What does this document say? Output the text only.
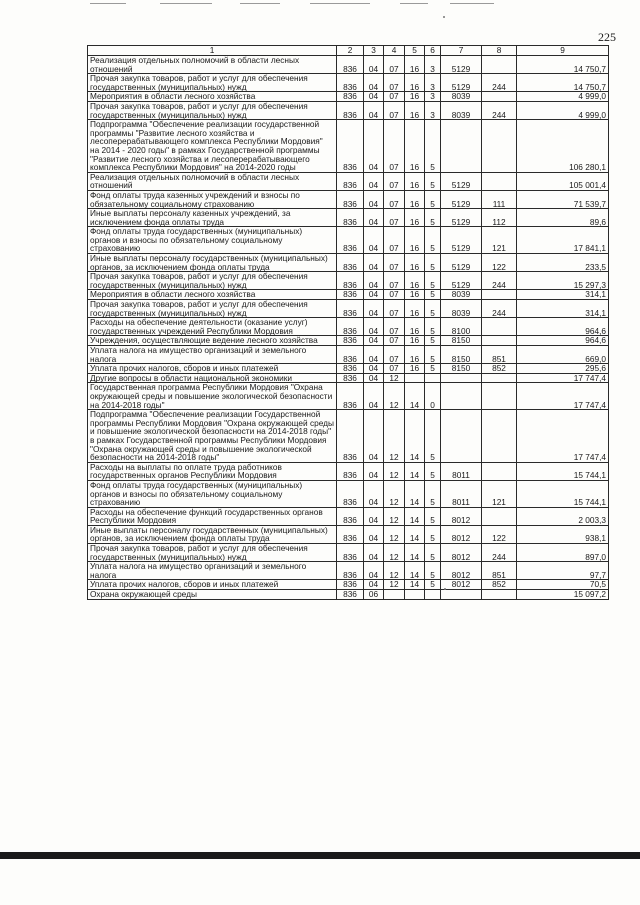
225
1	2	3	4	5	6	7	8	9
Реализация отдельных полномочий в области лесных отношений	836	04	07	16	3	5129		14 750,7
Прочая закупка товаров, работ и услуг для обеспечения государственных (муниципальных) нужд	836	04	07	16	3	5129	244	14 750,7
Мероприятия в области лесного хозяйства	836	04	07	16	3	8039		4 999,0
Прочая закупка товаров, работ и услуг для обеспечения государственных (муниципальных) нужд	836	04	07	16	3	8039	244	4 999,0
Подпрограмма "Обеспечение реализации государственной программы "Развитие лесного хозяйства и лесоперерабатывающего комплекса Республики Мордовия" на 2014 - 2020 годы" в рамках Государственной программы "Развитие лесного хозяйства и лесоперерабатывающего комплекса Республики Мордовия" на 2014-2020 годы	836	04	07	16	5			106 280,1
Реализация отдельных полномочий в области лесных отношений	836	04	07	16	5	5129		105 001,4
Фонд оплаты труда казенных учреждений и взносы по обязательному социальному страхованию	836	04	07	16	5	5129	111	71 539,7
Иные выплаты персоналу казенных учреждений, за исключением фонда оплаты труда	836	04	07	16	5	5129	112	89,6
Фонд оплаты труда государственных (муниципальных) органов и взносы по обязательному социальному страхованию	836	04	07	16	5	5129	121	17 841,1
Иные выплаты персоналу государственных (муниципальных) органов, за исключением фонда оплаты труда	836	04	07	16	5	5129	122	233,5
Прочая закупка товаров, работ и услуг для обеспечения государственных (муниципальных) нужд	836	04	07	16	5	5129	244	15 297,3
Мероприятия в области лесного хозяйства	836	04	07	16	5	8039		314,1
Прочая закупка товаров, работ и услуг для обеспечения государственных (муниципальных) нужд	836	04	07	16	5	8039	244	314,1
Расходы на обеспечение деятельности (оказание услуг) государственных учреждений Республики Мордовия	836	04	07	16	5	8100		964,6
Учреждения, осуществляющие ведение лесного хозяйства	836	04	07	16	5	8150		964,6
Уплата налога на имущество организаций и земельного налога	836	04	07	16	5	8150	851	669,0
Уплата прочих налогов, сборов и иных платежей	836	04	07	16	5	8150	852	295,6
Другие вопросы в области национальной экономики	836	04	12					17 747,4
Государственная программа Республики Мордовия "Охрана окружающей среды и повышение экологической безопасности на 2014-2018 годы"	836	04	12	14	0			17 747,4
Подпрограмма "Обеспечение реализации Государственной программы Республики Мордовия "Охрана окружающей среды и повышение экологической безопасности на 2014-2018 годы" в рамках Государственной программы Республики Мордовия "Охрана окружающей среды и повышение экологической безопасности на 2014-2018 годы"	836	04	12	14	5			17 747,4
Расходы на выплаты по оплате труда работников государственных органов Республики Мордовия	836	04	12	14	5	8011		15 744,1
Фонд оплаты труда государственных (муниципальных) органов и взносы по обязательному социальному страхованию	836	04	12	14	5	8011	121	15 744,1
Расходы на обеспечение функций государственных органов Республики Мордовия	836	04	12	14	5	8012		2 003,3
Иные выплаты персоналу государственных (муниципальных) органов, за исключением фонда оплаты труда	836	04	12	14	5	8012	122	938,1
Прочая закупка товаров, работ и услуг для обеспечения государственных (муниципальных) нужд	836	04	12	14	5	8012	244	897,0
Уплата налога на имущество организаций и земельного налога	836	04	12	14	5	8012	851	97,7
Уплата прочих налогов, сборов и иных платежей	836	04	12	14	5	8012	852	70,5
Охрана окружающей среды	836	06						15 097,2
